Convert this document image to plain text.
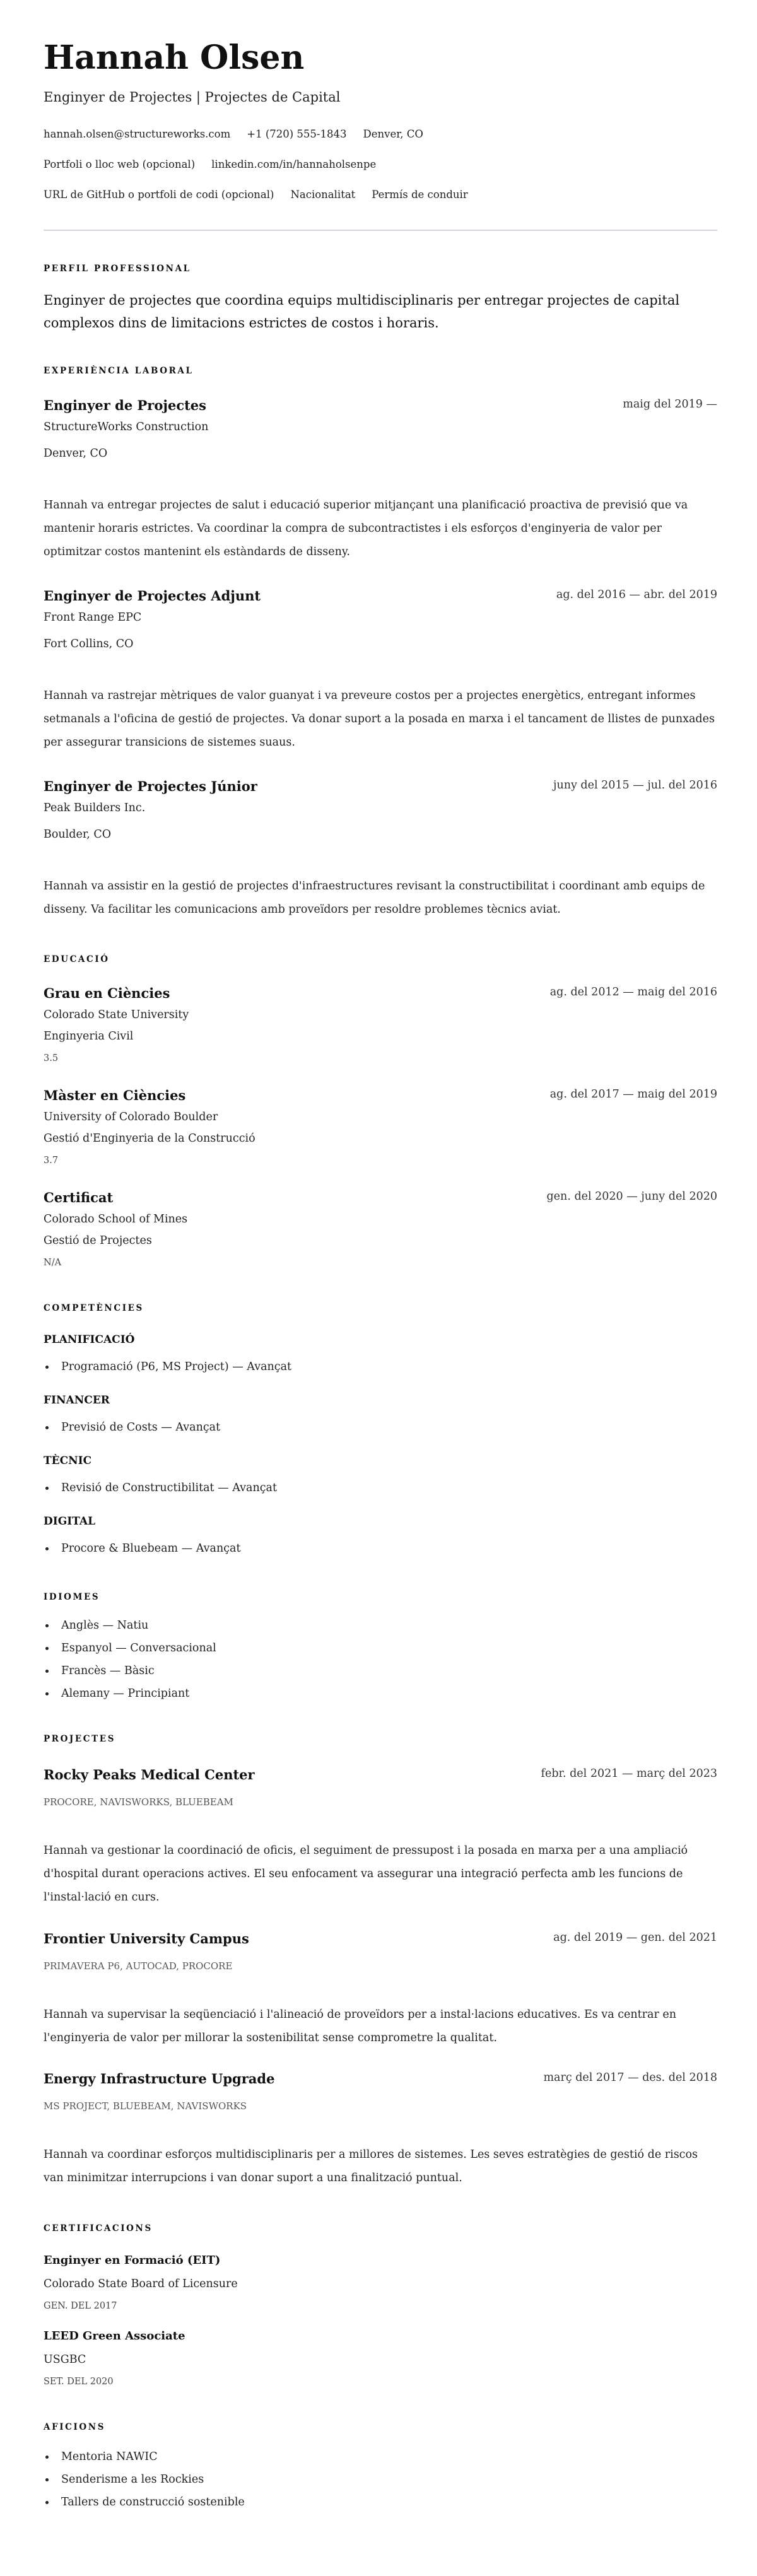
Hannah Olsen
Enginyer de Projectes | Projectes de Capital
hannah.olsen@structureworks.com +1 (720) 555-1843 Denver, CO
Portfoli o lloc web (opcional) linkedin.com/in/hannaholsenpe
URL de GitHub o portfoli de codi (opcional) Nacionalitat Permís de conduir
PERFIL PROFESSIONAL
Enginyer de projectes que coordina equips multidisciplinaris per entregar projectes de capital complexos dins de limitacions estrictes de costos i horaris.
EXPERIÈNCIA LABORAL
Enginyer de Projectes	maig del 2019 —
StructureWorks Construction
Denver, CO
Hannah va entregar projectes de salut i educació superior mitjançant una planificació proactiva de previsió que va mantenir horaris estrictes. Va coordinar la compra de subcontractistes i els esforços d'enginyeria de valor per optimitzar costos mantenint els estàndards de disseny.
Enginyer de Projectes Adjunt	ag. del 2016 — abr. del 2019
Front Range EPC
Fort Collins, CO
Hannah va rastrejar mètriques de valor guanyat i va preveure costos per a projectes energètics, entregant informes setmanals a l'oficina de gestió de projectes. Va donar suport a la posada en marxa i el tancament de llistes de punxades per assegurar transicions de sistemes suaus.
Enginyer de Projectes Júnior	juny del 2015 — jul. del 2016
Peak Builders Inc.
Boulder, CO
Hannah va assistir en la gestió de projectes d'infraestructures revisant la constructibilitat i coordinant amb equips de disseny. Va facilitar les comunicacions amb proveïdors per resoldre problemes tècnics aviat.
EDUCACIÓ
Grau en Ciències	ag. del 2012 — maig del 2016
Colorado State University
Enginyeria Civil
3.5
Màster en Ciències	ag. del 2017 — maig del 2019
University of Colorado Boulder
Gestió d'Enginyeria de la Construcció
3.7
Certificat	gen. del 2020 — juny del 2020
Colorado School of Mines
Gestió de Projectes
N/A
COMPETÈNCIES
PLANIFICACIÓ
Programació (P6, MS Project) — Avançat
FINANCER
Previsió de Costs — Avançat
TÈCNIC
Revisió de Constructibilitat — Avançat
DIGITAL
Procore & Bluebeam — Avançat
IDIOMES
Anglès — Natiu
Espanyol — Conversacional
Francès — Bàsic
Alemany — Principiant
PROJECTES
Rocky Peaks Medical Center	febr. del 2021 — març del 2023
PROCORE, NAVISWORKS, BLUEBEAM
Hannah va gestionar la coordinació de oficis, el seguiment de pressupost i la posada en marxa per a una ampliació d'hospital durant operacions actives. El seu enfocament va assegurar una integració perfecta amb les funcions de l'instal·lació en curs.
Frontier University Campus	ag. del 2019 — gen. del 2021
PRIMAVERA P6, AUTOCAD, PROCORE
Hannah va supervisar la seqüenciació i l'alineació de proveïdors per a instal·lacions educatives. Es va centrar en l'enginyeria de valor per millorar la sostenibilitat sense comprometre la qualitat.
Energy Infrastructure Upgrade	març del 2017 — des. del 2018
MS PROJECT, BLUEBEAM, NAVISWORKS
Hannah va coordinar esforços multidisciplinaris per a millores de sistemes. Les seves estratègies de gestió de riscos van minimitzar interrupcions i van donar suport a una finalització puntual.
CERTIFICACIONS
Enginyer en Formació (EIT)
Colorado State Board of Licensure
GEN. DEL 2017
LEED Green Associate
USGBC
SET. DEL 2020
AFICIONS
Mentoria NAWIC
Senderisme a les Rockies
Tallers de construcció sostenible
